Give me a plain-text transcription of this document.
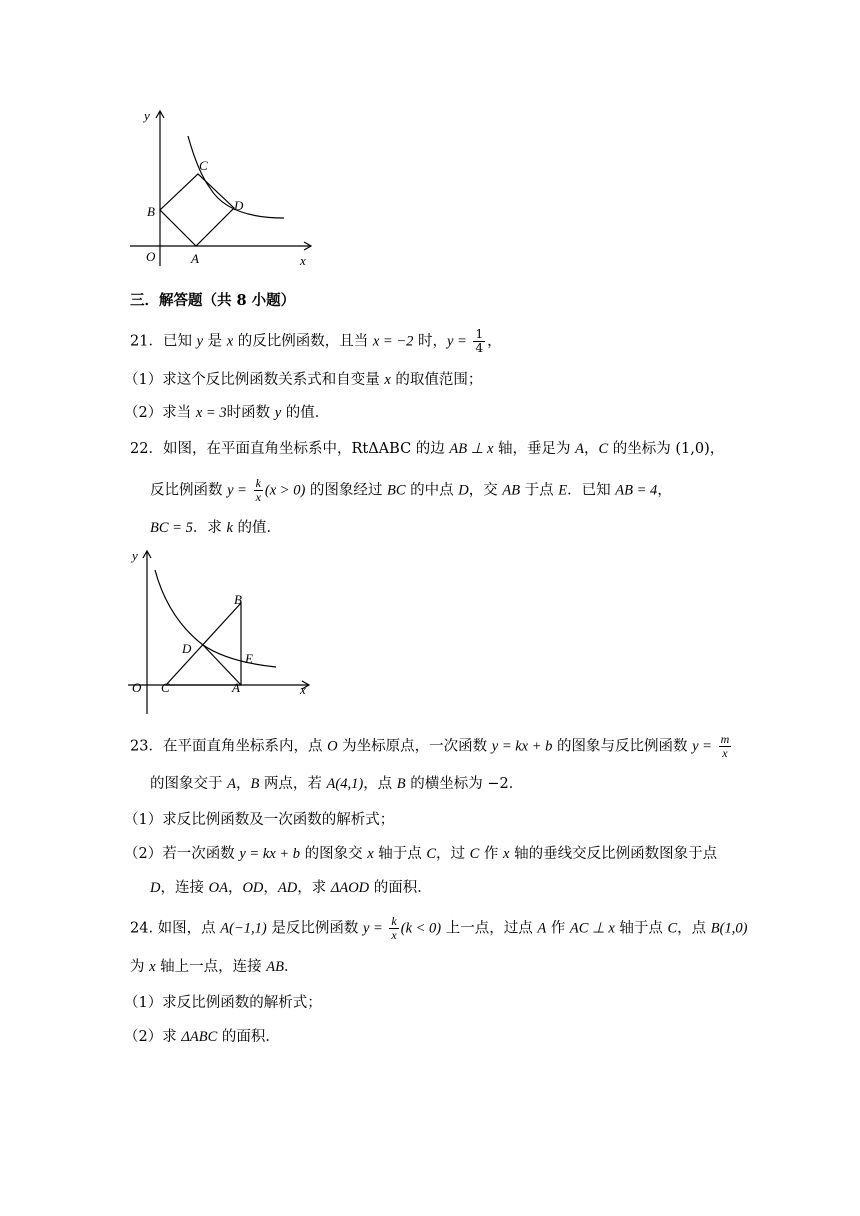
y
x
O	A
B
C
D
三．解答题（共 8 小题）
21．已知 y 是 x 的反比例函数，且当 x = −2 时，$y = \frac{1}{4}$ ，
（1）求这个反比例函数关系式和自变量 x 的取值范围；
（2）求当 x = 3时函数 y 的值．
22．如图，在平面直角坐标系中，RtΔABC 的边 AB ⊥ x 轴，垂足为 A，C 的坐标为 (1,0)，
反比例函数 $y = \frac{k}{x} (x > 0)$ 的图象经过 BC 的中点 D，交 AB 于点 E．已知 AB = 4，
BC = 5．求 k 的值．
y
x
O C	A
B
D
E
23．在平面直角坐标系内，点 O 为坐标原点，一次函数 y = kx + b 的图象与反比例函数 $y = \frac{m}{x}$
的图象交于 A，B 两点，若 A(4,1)，点 B 的横坐标为 −2．
（1）求反比例函数及一次函数的解析式；
（2）若一次函数 y = kx + b 的图象交 x 轴于点 C，过 C 作 x 轴的垂线交反比例函数图象于点
D，连接 OA，OD，AD，求 ΔAOD 的面积．
24. 如图，点 A(−1,1) 是反比例函数 $y = \frac{k}{x} (k < 0)$ 上一点，过点 A 作 AC ⊥ x 轴于点 C，点 B(1,0)
为 x 轴上一点，连接 AB．
（1）求反比例函数的解析式；
（2）求 ΔABC 的面积．
